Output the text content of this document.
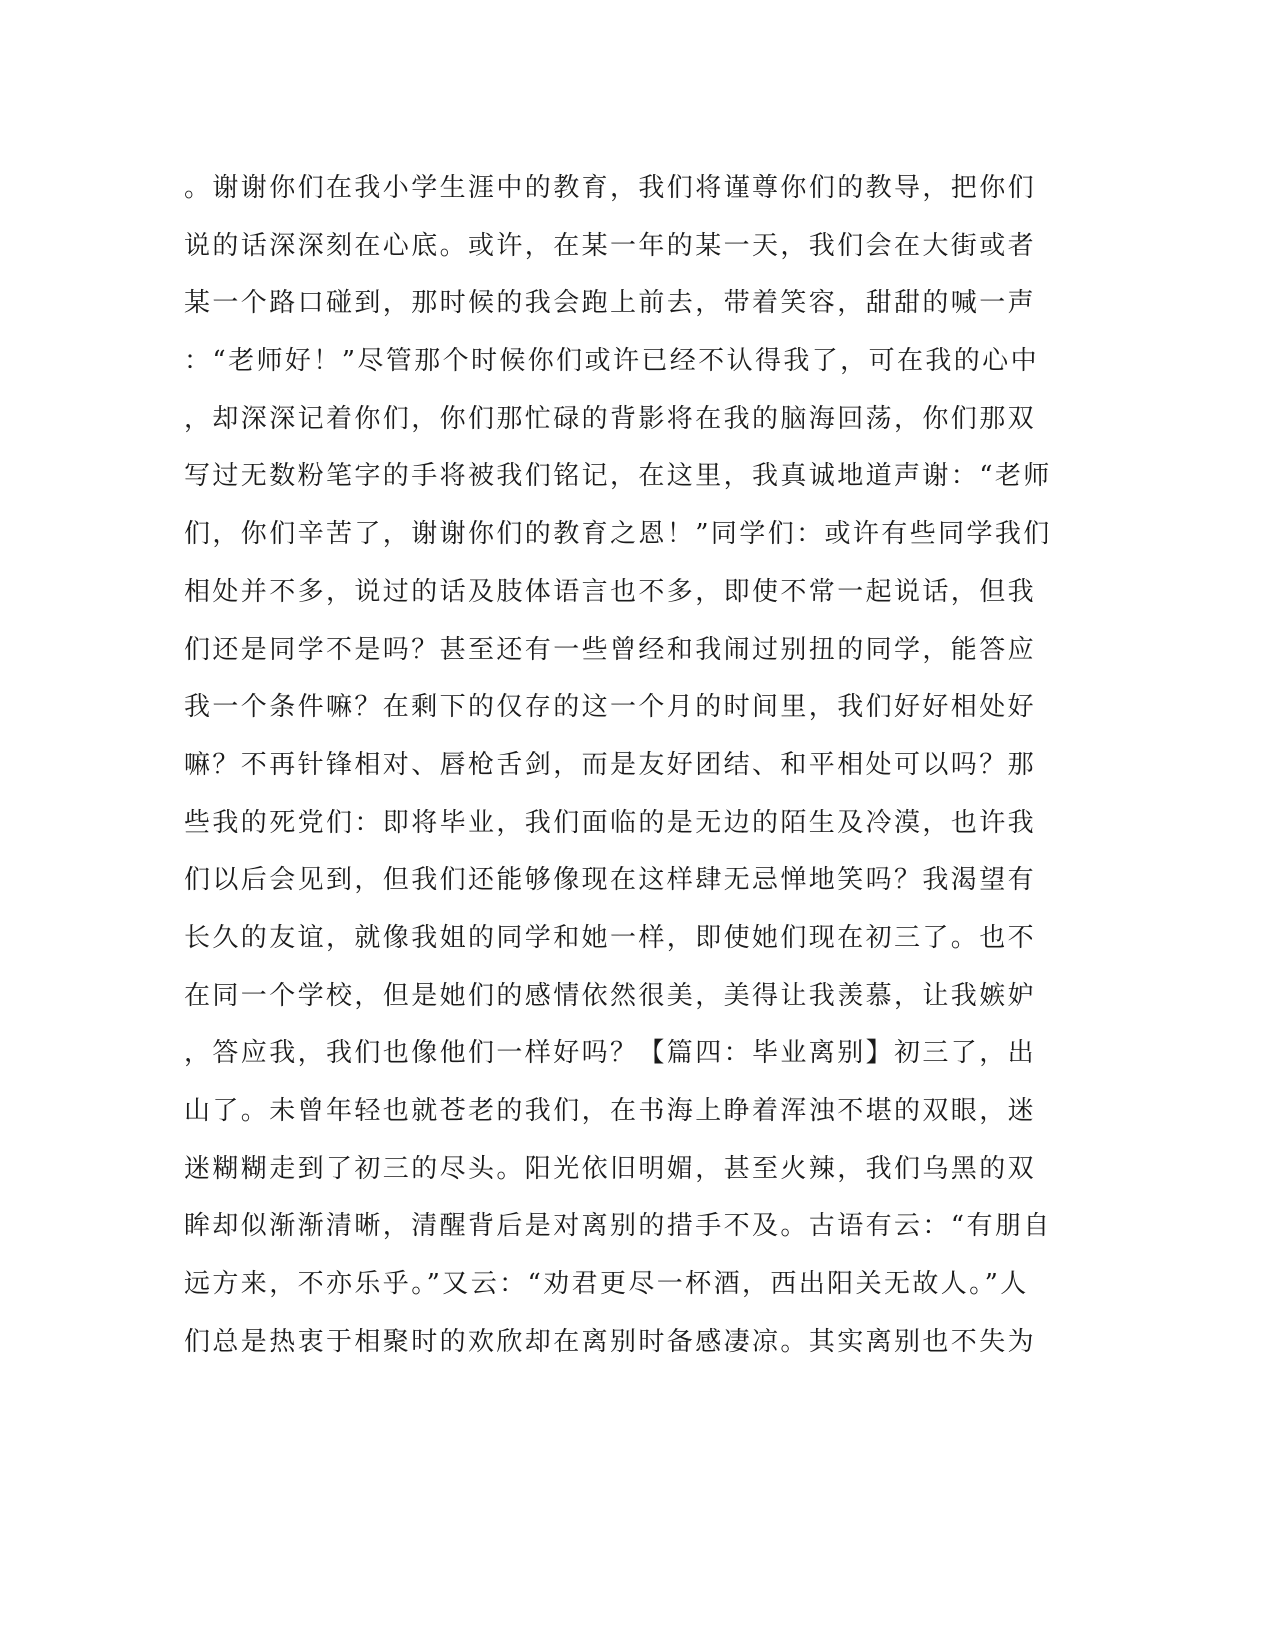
。谢谢你们在我小学生涯中的教育，我们将谨尊你们的教导，把你们
说的话深深刻在心底。或许，在某一年的某一天，我们会在大街或者
某一个路口碰到，那时候的我会跑上前去，带着笑容，甜甜的喊一声
：“老师好！”尽管那个时候你们或许已经不认得我了，可在我的心中
，却深深记着你们，你们那忙碌的背影将在我的脑海回荡，你们那双
写过无数粉笔字的手将被我们铭记，在这里，我真诚地道声谢：“老师
们，你们辛苦了，谢谢你们的教育之恩！”同学们：或许有些同学我们
相处并不多，说过的话及肢体语言也不多，即使不常一起说话，但我
们还是同学不是吗？甚至还有一些曾经和我闹过别扭的同学，能答应
我一个条件嘛？在剩下的仅存的这一个月的时间里，我们好好相处好
嘛？不再针锋相对、唇枪舌剑，而是友好团结、和平相处可以吗？那
些我的死党们：即将毕业，我们面临的是无边的陌生及冷漠，也许我
们以后会见到，但我们还能够像现在这样肆无忌惮地笑吗？我渴望有
长久的友谊，就像我姐的同学和她一样，即使她们现在初三了。也不
在同一个学校，但是她们的感情依然很美，美得让我羡慕，让我嫉妒
，答应我，我们也像他们一样好吗？【篇四：毕业离别】初三了，出
山了。未曾年轻也就苍老的我们，在书海上睁着浑浊不堪的双眼，迷
迷糊糊走到了初三的尽头。阳光依旧明媚，甚至火辣，我们乌黑的双
眸却似渐渐清晰，清醒背后是对离别的措手不及。古语有云：“有朋自
远方来，不亦乐乎。”又云：“劝君更尽一杯酒，西出阳关无故人。”人
们总是热衷于相聚时的欢欣却在离别时备感凄凉。其实离别也不失为
